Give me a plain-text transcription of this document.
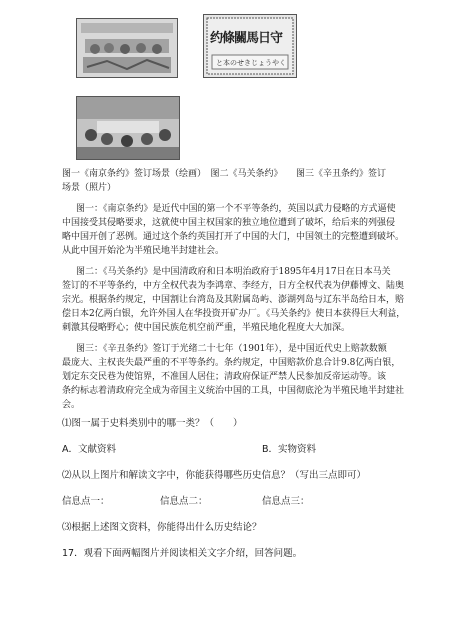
约條關馬日守
と本のせきじょうやく
图一《南京条约》签订场景（绘画）　图二《马关条约》　　图三《辛丑条约》签订
场景（照片）
图一：《南京条约》是近代中国的第一个不平等条约，英国以武力侵略的方式逼使
中国接受其侵略要求，这就使中国主权国家的独立地位遭到了破坏，给后来的列强侵
略中国开创了恶例。通过这个条约英国打开了中国的大门，中国领土的完整遭到破坏。
从此中国开始沦为半殖民地半封建社会。
图二：《马关条约》是中国清政府和日本明治政府于1895年4月17日在日本马关
签订的不平等条约，中方全权代表为李鸿章、李经方，日方全权代表为伊藤博文、陆奥
宗光。根据条约规定，中国割让台湾岛及其附属岛屿、澎湖列岛与辽东半岛给日本，赔
偿日本2亿两白银，允许外国人在华投资开矿办厂。《马关条约》使日本获得巨大利益，
刺激其侵略野心；使中国民族危机空前严重，半殖民地化程度大大加深。
图三：《辛丑条约》签订于光绪二十七年（1901年），是中国近代史上赔款数额
最庞大、主权丧失最严重的不平等条约。条约规定，中国赔款价息合计9.8亿两白银，
划定东交民巷为使馆界，不准国人居住；清政府保证严禁人民参加反帝运动等。该
条约标志着清政府完全成为帝国主义统治中国的工具，中国彻底沦为半殖民地半封建社
会。
⑴图一属于史料类别中的哪一类？（　　）
A．文献资料	B．实物资料
⑵从以上图片和解读文字中，你能获得哪些历史信息？（写出三点即可）
信息点一：	信息点二：	信息点三：
⑶根据上述图文资料，你能得出什么历史结论？
17．观看下面两幅图片并阅读相关文字介绍，回答问题。
